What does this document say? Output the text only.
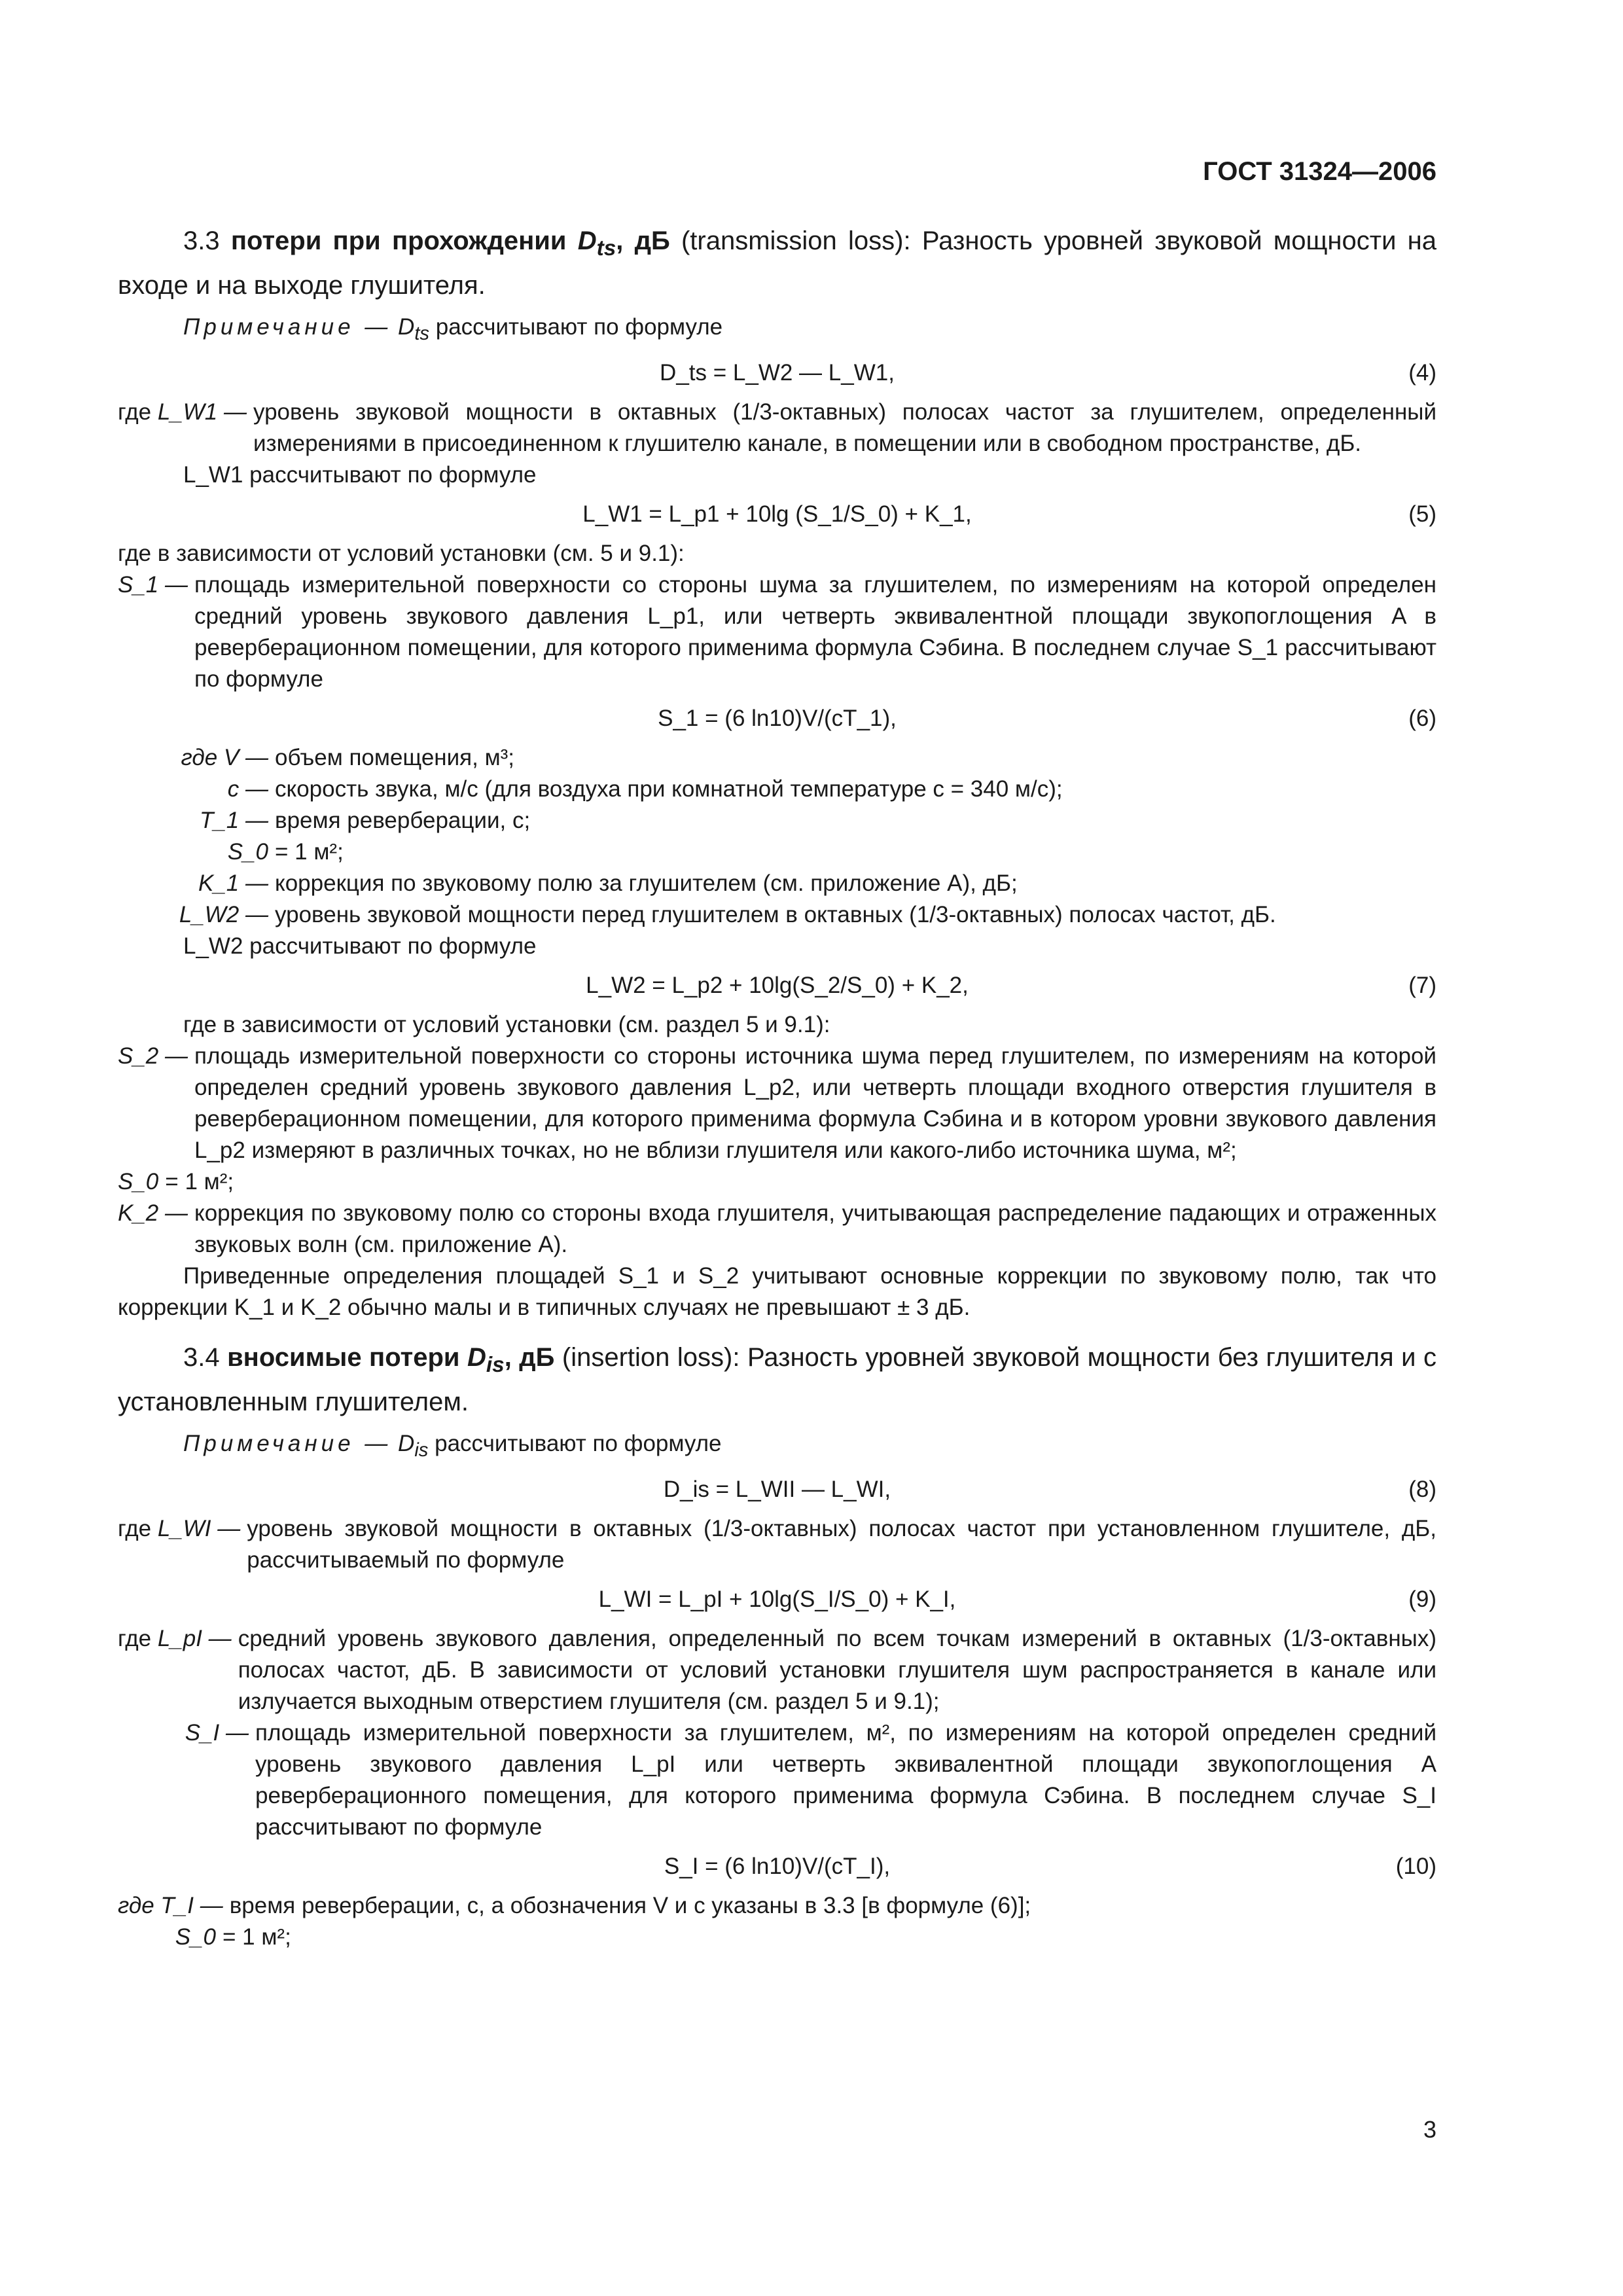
ГОСТ 31324—2006
3.3 потери при прохождении $D_{ts}$, дБ (transmission loss): Разность уровней звуковой мощности на входе и на выходе глушителя.
Примечание — $D_{ts}$ рассчитывают по формуле
D_ts = L_W2 — L_W1,	(4)
где L_W1 — уровень звуковой мощности в октавных (1/3-октавных) полосах частот за глушителем, определенный измерениями в присоединенном к глушителю канале, в помещении или в свободном пространстве, дБ.
L_W1 рассчитывают по формуле
L_W1 = L_p1 + 10lg (S_1/S_0) + K_1,	(5)
где в зависимости от условий установки (см. 5 и 9.1):
S_1 — площадь измерительной поверхности со стороны шума за глушителем, по измерениям на которой определен средний уровень звукового давления L_p1, или четверть эквивалентной площади звукопоглощения A в реверберационном помещении, для которого применима формула Сэбина. В последнем случае S_1 рассчитывают по формуле
S_1 = (6 ln10)V/(cT_1),	(6)
где V — объем помещения, м³;
c — скорость звука, м/с (для воздуха при комнатной температуре c = 340 м/с);
T_1 — время реверберации, с;
S_0 = 1 м²;
K_1 — коррекция по звуковому полю за глушителем (см. приложение А), дБ;
L_W2 — уровень звуковой мощности перед глушителем в октавных (1/3-октавных) полосах частот, дБ.
L_W2 рассчитывают по формуле
L_W2 = L_p2 + 10lg(S_2/S_0) + K_2,	(7)
где в зависимости от условий установки (см. раздел 5 и 9.1):
S_2 — площадь измерительной поверхности со стороны источника шума перед глушителем, по измерениям на которой определен средний уровень звукового давления L_p2, или четверть площади входного отверстия глушителя в реверберационном помещении, для которого применима формула Сэбина и в котором уровни звукового давления L_p2 измеряют в различных точках, но не вблизи глушителя или какого-либо источника шума, м²;
S_0 = 1 м²;
K_2 — коррекция по звуковому полю со стороны входа глушителя, учитывающая распределение падающих и отраженных звуковых волн (см. приложение А).
Приведенные определения площадей S_1 и S_2 учитывают основные коррекции по звуковому полю, так что коррекции K_1 и K_2 обычно малы и в типичных случаях не превышают ± 3 дБ.
3.4 вносимые потери $D_{is}$, дБ (insertion loss): Разность уровней звуковой мощности без глушителя и с установленным глушителем.
Примечание — $D_{is}$ рассчитывают по формуле
D_is = L_WII — L_WI,	(8)
где L_WI — уровень звуковой мощности в октавных (1/3-октавных) полосах частот при установленном глушителе, дБ, рассчитываемый по формуле
L_WI = L_pI + 10lg(S_I/S_0) + K_I,	(9)
где L_pI — средний уровень звукового давления, определенный по всем точкам измерений в октавных (1/3-октавных) полосах частот, дБ. В зависимости от условий установки глушителя шум распространяется в канале или излучается выходным отверстием глушителя (см. раздел 5 и 9.1);
S_I — площадь измерительной поверхности за глушителем, м², по измерениям на которой определен средний уровень звукового давления L_pI или четверть эквивалентной площади звукопоглощения A реверберационного помещения, для которого применима формула Сэбина. В последнем случае S_I рассчитывают по формуле
S_I = (6 ln10)V/(cT_I),	(10)
где T_I — время реверберации, с, а обозначения V и c указаны в 3.3 [в формуле (6)];
S_0 = 1 м²;
3
